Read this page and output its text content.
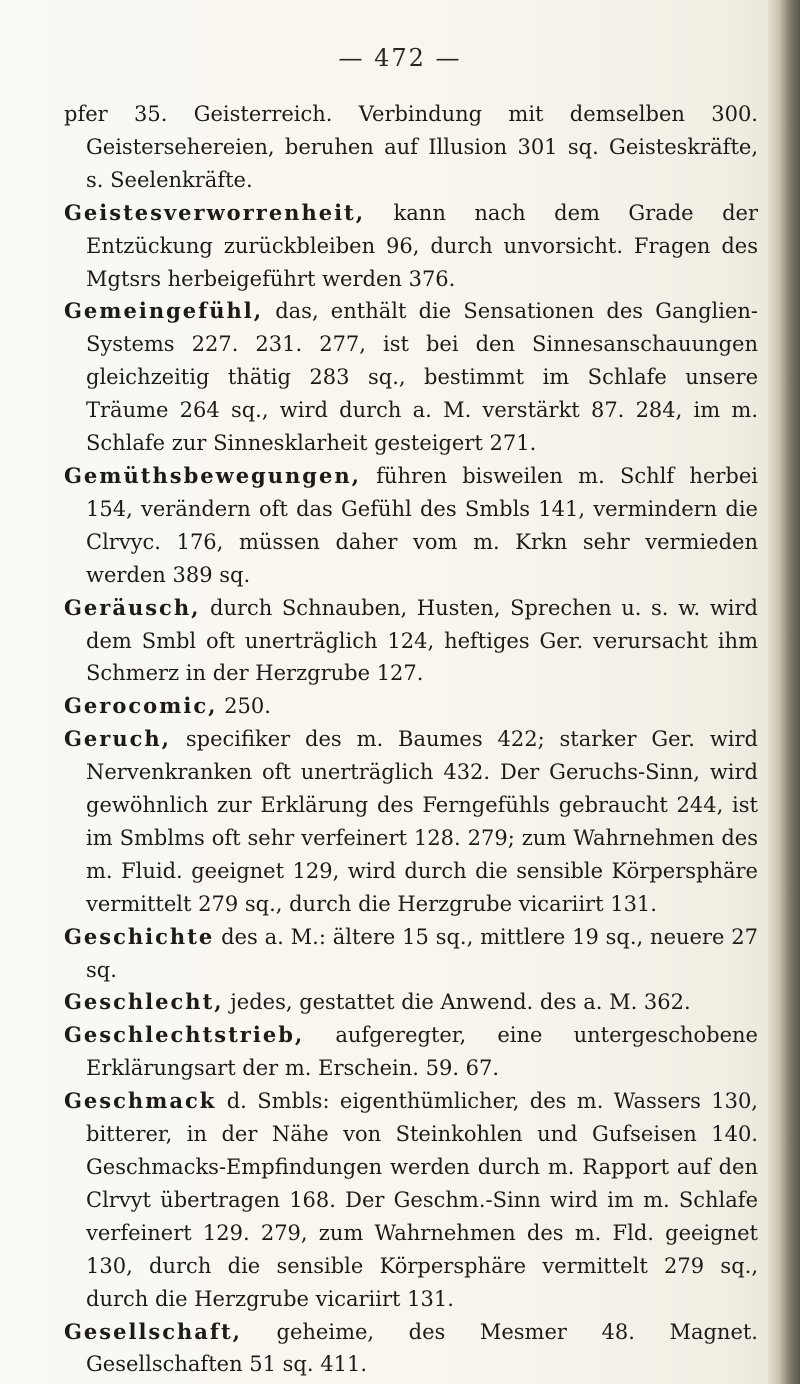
— 472 —

pfer 35. Geisterreich. Verbindung mit demselben 300. Geistersehereien, beruhen auf Illusion 301 sq. Geisteskräfte, s. Seelenkräfte.

Geistesverworrenheit, kann nach dem Grade der Entzückung zurückbleiben 96, durch unvorsicht. Fragen des Mgtsrs herbeigeführt werden 376.

Gemeingefühl, das, enthält die Sensationen des Ganglien-Systems 227. 231. 277, ist bei den Sinnesanschauungen gleichzeitig thätig 283 sq., bestimmt im Schlafe unsere Träume 264 sq., wird durch a. M. verstärkt 87. 284, im m. Schlafe zur Sinnesklarheit gesteigert 271.

Gemüthsbewegungen, führen bisweilen m. Schlf herbei 154, verändern oft das Gefühl des Smbls 141, vermindern die Clrvyc. 176, müssen daher vom m. Krkn sehr vermieden werden 389 sq.

Geräusch, durch Schnauben, Husten, Sprechen u. s. w. wird dem Smbl oft unerträglich 124, heftiges Ger. verursacht ihm Schmerz in der Herzgrube 127.

Gerocomic, 250.

Geruch, specifiker des m. Baumes 422; starker Ger. wird Nervenkranken oft unerträglich 432. Der Geruchs-Sinn, wird gewöhnlich zur Erklärung des Ferngefühls gebraucht 244, ist im Smblms oft sehr verfeinert 128. 279; zum Wahrnehmen des m. Fluid. geeignet 129, wird durch die sensible Körpersphäre vermittelt 279 sq., durch die Herzgrube vicariirt 131.

Geschichte des a. M.: ältere 15 sq., mittlere 19 sq., neuere 27 sq.

Geschlecht, jedes, gestattet die Anwend. des a. M. 362.

Geschlechtstrieb, aufgeregter, eine untergeschobene Erklärungsart der m. Erschein. 59. 67.

Geschmack d. Smbls: eigenthümlicher, des m. Wassers 130, bitterer, in der Nähe von Steinkohlen und Gufseisen 140. Geschmacks-Empfindungen werden durch m. Rapport auf den Clrvyt übertragen 168. Der Geschm.-Sinn wird im m. Schlafe verfeinert 129. 279, zum Wahrnehmen des m. Fld. geeignet 130, durch die sensible Körpersphäre vermittelt 279 sq., durch die Herzgrube vicariirt 131.

Gesellschaft, geheime, des Mesmer 48. Magnet. Gesellschaften 51 sq. 411.
